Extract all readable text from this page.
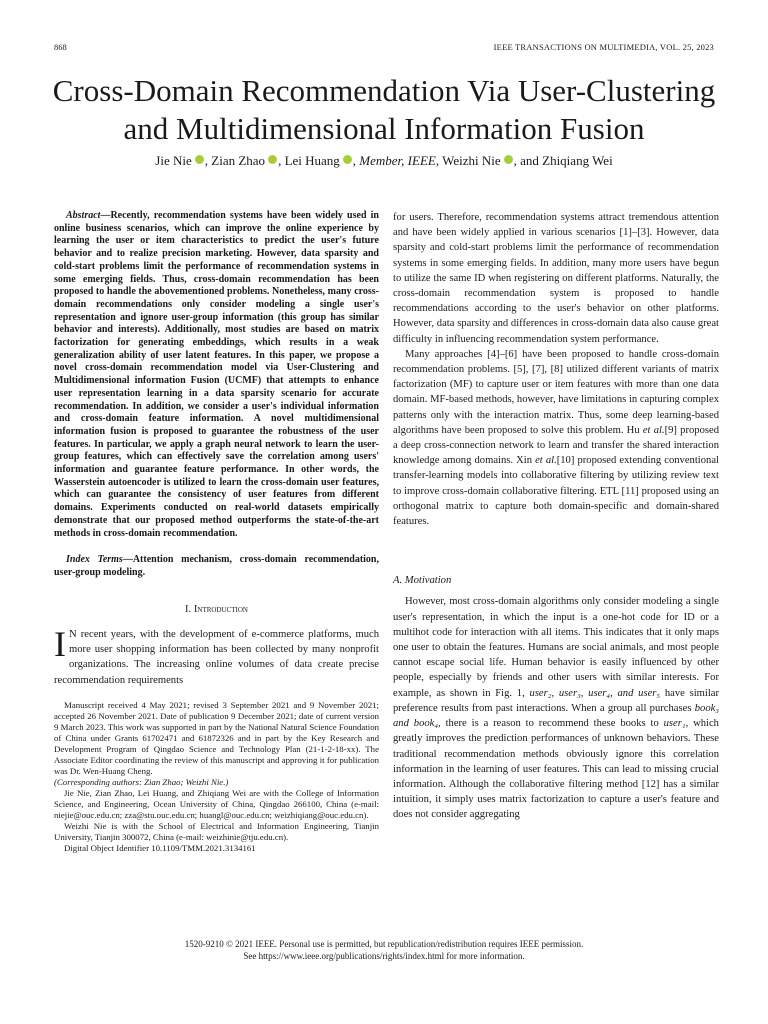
868	IEEE TRANSACTIONS ON MULTIMEDIA, VOL. 25, 2023
Cross-Domain Recommendation Via User-Clustering
and Multidimensional Information Fusion
Jie Nie , Zian Zhao , Lei Huang , Member, IEEE, Weizhi Nie , and Zhiqiang Wei

Abstract—Recently, recommendation systems have been widely used in online business scenarios, which can improve the online experience by learning the user or item characteristics to predict the user's future behavior and to realize precision marketing. However, data sparsity and cold-start problems limit the performance of recommendation systems in some emerging fields. Thus, cross-domain recommendation has been proposed to handle the abovementioned problems. Nonetheless, many cross-domain recommendations only consider modeling a single user's representation and ignore user-group information (this group has similar behavior and interests). Additionally, most studies are based on matrix factorization for generating embeddings, which results in a weak generalization ability of user latent features. In this paper, we propose a novel cross-domain recommendation model via User-Clustering and Multidimensional information Fusion (UCMF) that attempts to enhance user representation learning in a data sparsity scenario for accurate recommendation. In addition, we consider a user's individual information and cross-domain feature information. A novel multidimensional information fusion is proposed to guarantee the robustness of the user features. In particular, we apply a graph neural network to learn the user-group features, which can effectively save the correlation among users' information and guarantee feature performance. In other words, the Wasserstein autoencoder is utilized to learn the cross-domain user features, which can guarantee the consistency of user features from different domains. Experiments conducted on real-world datasets empirically demonstrate that our proposed method outperforms the state-of-the-art methods in cross-domain recommendation.

Index Terms—Attention mechanism, cross-domain recommendation, user-group modeling.

I. Introduction

I N recent years, with the development of e-commerce platforms, much more user shopping information has been collected by many nonprofit organizations. The increasing online volumes of data create precise recommendation requirements

Manuscript received 4 May 2021; revised 3 September 2021 and 9 November 2021; accepted 26 November 2021. Date of publication 9 December 2021; date of current version 9 March 2023. This work was supported in part by the National Natural Science Foundation of China under Grants 61702471 and 61872326 and in part by the Key Research and Development Program of Qingdao Science and Technology Plan (21-1-2-18-xx). The Associate Editor coordinating the review of this manuscript and approving it for publication was Dr. Wen-Huang Cheng.
(Corresponding authors: Zian Zhao; Weizhi Nie.)

Jie Nie, Zian Zhao, Lei Huang, and Zhiqiang Wei are with the College of Information Science, and Engineering, Ocean University of China, Qingdao 266100, China (e-mail: niejie@ouc.edu.cn; zza@stu.ouc.edu.cn; huangl@ouc.edu.cn; weizhiqiang@ouc.edu.cn).

Weizhi Nie is with the School of Electrical and Information Engineering, Tianjin University, Tianjin 300072, China (e-mail: weizhinie@tju.edu.cn).

Digital Object Identifier 10.1109/TMM.2021.3134161

for users. Therefore, recommendation systems attract tremendous attention and have been widely applied in various scenarios [1]–[3]. However, data sparsity and cold-start problems limit the performance of recommendation systems in some emerging fields. In addition, many more users have begun to utilize the same ID when registering on different platforms. Naturally, the cross-domain recommendation system is proposed to handle recommendations according to the user's behavior on other platforms. However, data sparsity and differences in cross-domain data also cause great difficulty in influencing recommendation system performance.

Many approaches [4]–[6] have been proposed to handle cross-domain recommendation problems. [5], [7], [8] utilized different variants of matrix factorization (MF) to capture user or item features with more than one data domain. MF-based methods, however, have limitations in capturing complex patterns only with the interaction matrix. Thus, some deep learning-based algorithms have been proposed to solve this problem. Hu et al.[9] proposed a deep cross-connection network to learn and transfer the shared interaction knowledge among domains. Xin et al.[10] proposed extending conventional transfer-learning models into collaborative filtering by utilizing review text to improve cross-domain collaborative filtering. ETL [11] proposed using an orthogonal matrix to capture both domain-specific and domain-shared features.

A. Motivation

However, most cross-domain algorithms only consider modeling a single user's representation, in which the input is a one-hot code for ID or a multihot code for interaction with all items. This indicates that it only maps one user to obtain the features. Humans are social animals, and most people cannot escape social life. Human behavior is easily influenced by other people, especially by friends and other users with similar interests. For example, as shown in Fig. 1, user₂, user₃, user₄, and user₅ have similar preference results from past interactions. When a group all purchases book₃ and book₄, there is a reason to recommend these books to user₁, which greatly improves the prediction performances of unknown behaviors. These traditional recommendation methods obviously ignore this correlation information in the learning of user features. This can lead to missing crucial information. Although the collaborative filtering method [12] has a similar intuition, it simply uses matrix factorization to capture a user's feature and does not consider aggregating

1520-9210 © 2021 IEEE. Personal use is permitted, but republication/redistribution requires IEEE permission.
See https://www.ieee.org/publications/rights/index.html for more information.
